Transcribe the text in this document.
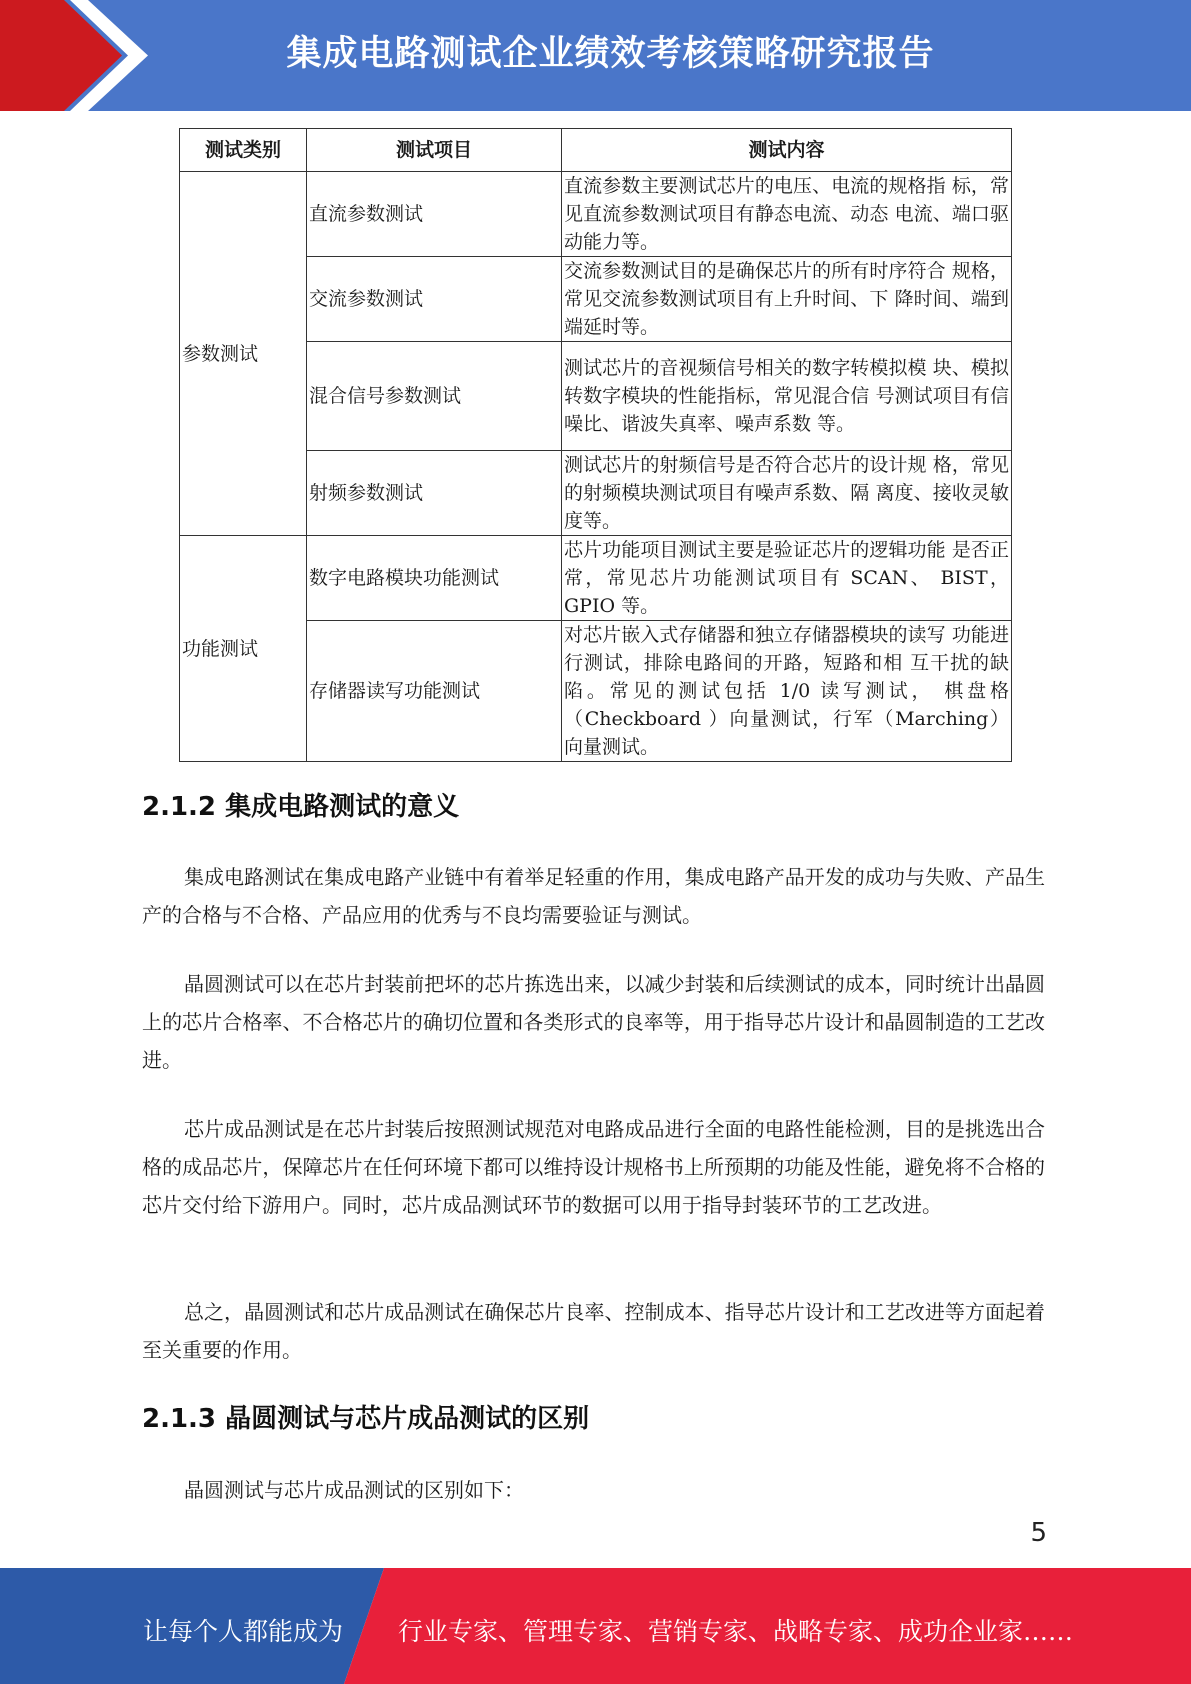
集成电路测试企业绩效考核策略研究报告
测试类别	测试项目	测试内容
参数测试	直流参数测试	直流参数主要测试芯片的电压、电流的规格指 标，常见直流参数测试项目有静态电流、动态 电流、端口驱动能力等。
	交流参数测试	交流参数测试目的是确保芯片的所有时序符合 规格，常见交流参数测试项目有上升时间、下 降时间、端到端延时等。
	混合信号参数测试	测试芯片的音视频信号相关的数字转模拟模 块、模拟转数字模块的性能指标，常见混合信 号测试项目有信噪比、谐波失真率、噪声系数 等。
	射频参数测试	测试芯片的射频信号是否符合芯片的设计规 格，常见的射频模块测试项目有噪声系数、隔 离度、接收灵敏度等。
功能测试	数字电路模块功能测试	芯片功能项目测试主要是验证芯片的逻辑功能 是否正常，常见芯片功能测试项目有 SCAN、 BIST，GPIO 等。
	存储器读写功能测试	对芯片嵌入式存储器和独立存储器模块的读写 功能进行测试，排除电路间的开路，短路和相 互干扰的缺陷。常见的测试包括 1/0 读写测试， 棋盘格（Checkboard ）向量测试，行军（Marching） 向量测试。
2.1.2 集成电路测试的意义

集成电路测试在集成电路产业链中有着举足轻重的作用，集成电路产品开发的成功与失败、产品生产的合格与不合格、产品应用的优秀与不良均需要验证与测试。

晶圆测试可以在芯片封装前把坏的芯片拣选出来，以减少封装和后续测试的成本，同时统计出晶圆上的芯片合格率、不合格芯片的确切位置和各类形式的良率等，用于指导芯片设计和晶圆制造的工艺改进。

芯片成品测试是在芯片封装后按照测试规范对电路成品进行全面的电路性能检测，目的是挑选出合格的成品芯片，保障芯片在任何环境下都可以维持设计规格书上所预期的功能及性能，避免将不合格的芯片交付给下游用户。同时，芯片成品测试环节的数据可以用于指导封装环节的工艺改进。

总之，晶圆测试和芯片成品测试在确保芯片良率、控制成本、指导芯片设计和工艺改进等方面起着至关重要的作用。

2.1.3 晶圆测试与芯片成品测试的区别

晶圆测试与芯片成品测试的区别如下：

5
让每个人都能成为 行业专家、管理专家、营销专家、战略专家、成功企业家……
